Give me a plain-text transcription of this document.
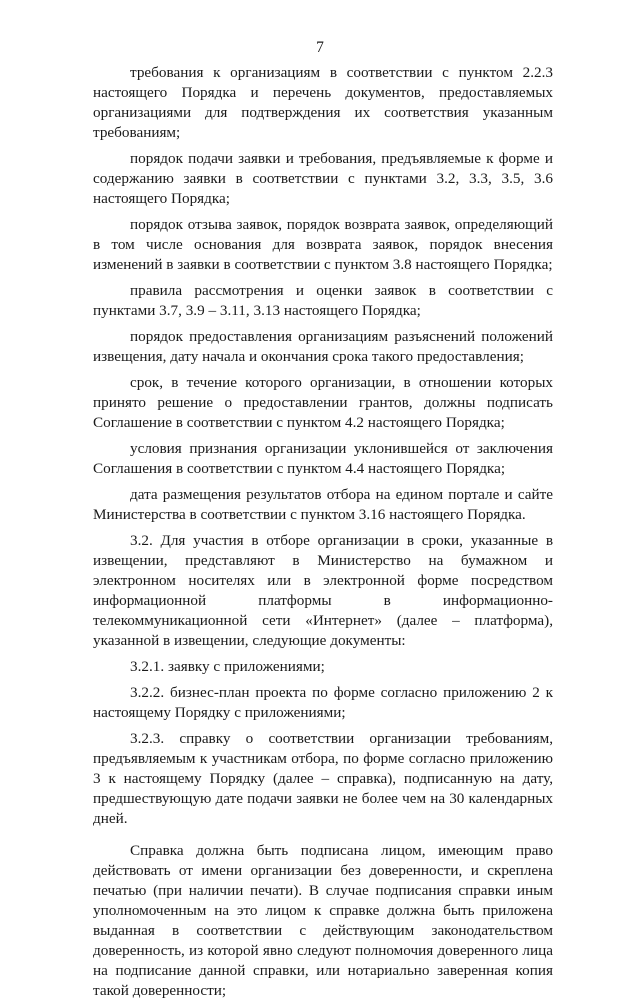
7

требования к организациям в соответствии с пунктом 2.2.3 настоящего Порядка и перечень документов, предоставляемых организациями для подтверждения их соответствия указанным требованиям;

порядок подачи заявки и требования, предъявляемые к форме и содержанию заявки в соответствии с пунктами 3.2, 3.3, 3.5, 3.6 настоящего Порядка;

порядок отзыва заявок, порядок возврата заявок, определяющий в том числе основания для возврата заявок, порядок внесения изменений в заявки в соответствии с пунктом 3.8 настоящего Порядка;

правила рассмотрения и оценки заявок в соответствии с пунктами 3.7, 3.9 – 3.11, 3.13 настоящего Порядка;

порядок предоставления организациям разъяснений положений извещения, дату начала и окончания срока такого предоставления;

срок, в течение которого организации, в отношении которых принято решение о предоставлении грантов, должны подписать Соглашение в соответствии с пунктом 4.2 настоящего Порядка;

условия признания организации уклонившейся от заключения Соглашения в соответствии с пунктом 4.4 настоящего Порядка;

дата размещения результатов отбора на едином портале и сайте Министерства в соответствии с пунктом 3.16 настоящего Порядка.

3.2. Для участия в отборе организации в сроки, указанные в извещении, представляют в Министерство на бумажном и электронном носителях или в электронной форме посредством информационной платформы в информационно-телекоммуникационной сети «Интернет» (далее – платформа), указанной в извещении, следующие документы:

3.2.1. заявку с приложениями;

3.2.2. бизнес-план проекта по форме согласно приложению 2 к настоящему Порядку с приложениями;

3.2.3. справку о соответствии организации требованиям, предъявляемым к участникам отбора, по форме согласно приложению 3 к настоящему Порядку (далее – справка), подписанную на дату, предшествующую дате подачи заявки не более чем на 30 календарных дней.

Справка должна быть подписана лицом, имеющим право действовать от имени организации без доверенности, и скреплена печатью (при наличии печати). В случае подписания справки иным уполномоченным на это лицом к справке должна быть приложена выданная в соответствии с действующим законодательством доверенность, из которой явно следуют полномочия доверенного лица на подписание данной справки, или нотариально заверенная копия такой доверенности;
